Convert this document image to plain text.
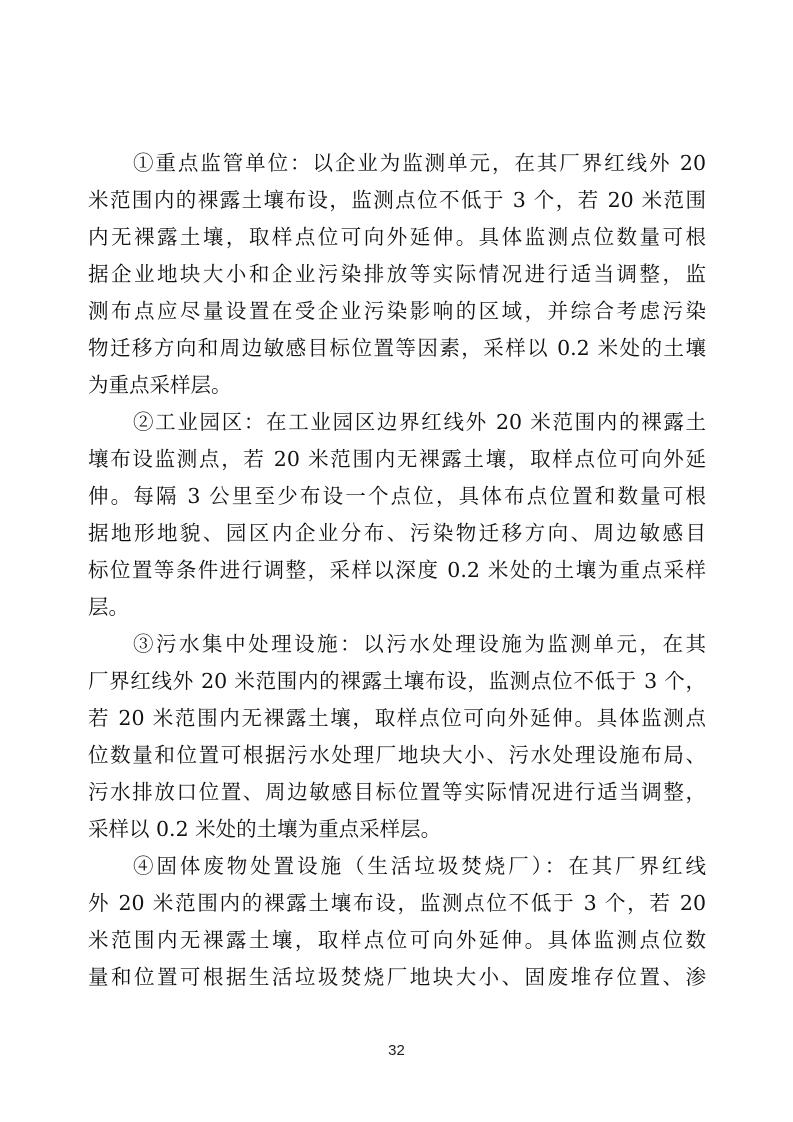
①重点监管单位：以企业为监测单元，在其厂界红线外 20
米范围内的裸露土壤布设，监测点位不低于 3 个，若 20 米范围
内无裸露土壤，取样点位可向外延伸。具体监测点位数量可根
据企业地块大小和企业污染排放等实际情况进行适当调整，监
测布点应尽量设置在受企业污染影响的区域，并综合考虑污染
物迁移方向和周边敏感目标位置等因素，采样以 0.2 米处的土壤
为重点采样层。
②工业园区：在工业园区边界红线外 20 米范围内的裸露土
壤布设监测点，若 20 米范围内无裸露土壤，取样点位可向外延
伸。每隔 3 公里至少布设一个点位，具体布点位置和数量可根
据地形地貌、园区内企业分布、污染物迁移方向、周边敏感目
标位置等条件进行调整，采样以深度 0.2 米处的土壤为重点采样
层。
③污水集中处理设施：以污水处理设施为监测单元，在其
厂界红线外 20 米范围内的裸露土壤布设，监测点位不低于 3 个，
若 20 米范围内无裸露土壤，取样点位可向外延伸。具体监测点
位数量和位置可根据污水处理厂地块大小、污水处理设施布局、
污水排放口位置、周边敏感目标位置等实际情况进行适当调整，
采样以 0.2 米处的土壤为重点采样层。
④固体废物处置设施（生活垃圾焚烧厂）：在其厂界红线
外 20 米范围内的裸露土壤布设，监测点位不低于 3 个，若 20
米范围内无裸露土壤，取样点位可向外延伸。具体监测点位数
量和位置可根据生活垃圾焚烧厂地块大小、固废堆存位置、渗
32
